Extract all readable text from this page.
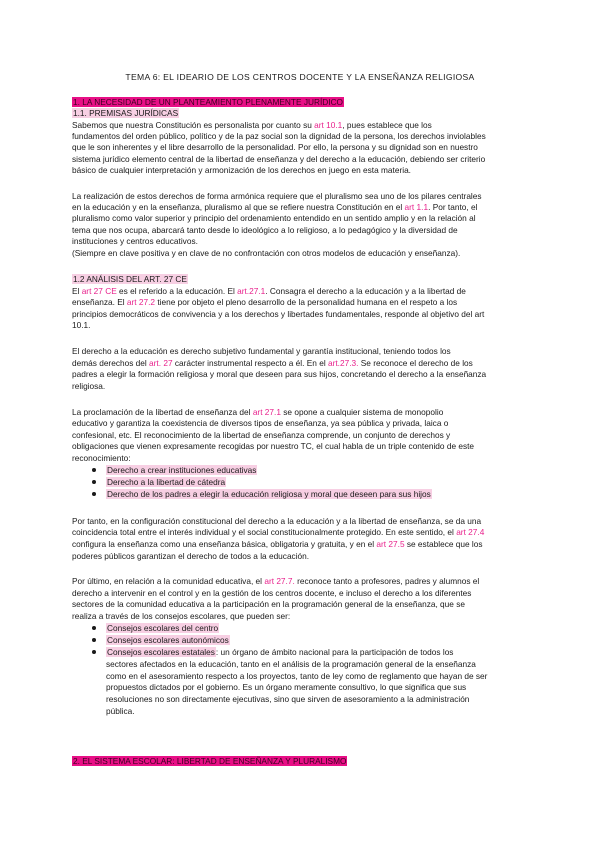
TEMA 6: EL IDEARIO DE LOS CENTROS DOCENTE Y LA ENSEÑANZA RELIGIOSA
1. LA NECESIDAD DE UN PLANTEAMIENTO PLENAMENTE JURÍDICO
1.1. PREMISAS JURÍDICAS
Sabemos que nuestra Constitución es personalista por cuanto su art 10.1, pues establece que los
fundamentos del orden público, político y de la paz social son la dignidad de la persona, los derechos inviolables
que le son inherentes y el libre desarrollo de la personalidad. Por ello, la persona y su dignidad son en nuestro
sistema jurídico elemento central de la libertad de enseñanza y del derecho a la educación, debiendo ser criterio
básico de cualquier interpretación y armonización de los derechos en juego en esta materia.
La realización de estos derechos de forma armónica requiere que el pluralismo sea uno de los pilares centrales
en la educación y en la enseñanza, pluralismo al que se refiere nuestra Constitución en el art 1.1. Por tanto, el
pluralismo como valor superior y principio del ordenamiento entendido en un sentido amplio y en la relación al
tema que nos ocupa, abarcará tanto desde lo ideológico a lo religioso, a lo pedagógico y la diversidad de
instituciones y centros educativos.
(Siempre en clave positiva y en clave de no confrontación con otros modelos de educación y enseñanza).
1.2 ANÁLISIS DEL ART. 27 CE
El art 27 CE es el referido a la educación. El art.27.1. Consagra el derecho a la educación y a la libertad de
enseñanza. El art 27.2 tiene por objeto el pleno desarrollo de la personalidad humana en el respeto a los
principios democráticos de convivencia y a los derechos y libertades fundamentales, responde al objetivo del art
10.1.
El derecho a la educación es derecho subjetivo fundamental y garantía institucional, teniendo todos los
demás derechos del art. 27 carácter instrumental respecto a él. En el art.27.3. Se reconoce el derecho de los
padres a elegir la formación religiosa y moral que deseen para sus hijos, concretando el derecho a la enseñanza
religiosa.
La proclamación de la libertad de enseñanza del art 27.1 se opone a cualquier sistema de monopolio
educativo y garantiza la coexistencia de diversos tipos de enseñanza, ya sea pública y privada, laica o
confesional, etc. El reconocimiento de la libertad de enseñanza comprende, un conjunto de derechos y
obligaciones que vienen expresamente recogidas por nuestro TC, el cual habla de un triple contenido de este
reconocimiento:
Derecho a crear instituciones educativas
Derecho a la libertad de cátedra
Derecho de los padres a elegir la educación religiosa y moral que deseen para sus hijos
Por tanto, en la configuración constitucional del derecho a la educación y a la libertad de enseñanza, se da una
coincidencia total entre el interés individual y el social constitucionalmente protegido. En este sentido, el art 27.4
configura la enseñanza como una enseñanza básica, obligatoria y gratuita, y en el art 27.5 se establece que los
poderes públicos garantizan el derecho de todos a la educación.
Por último, en relación a la comunidad educativa, el art 27.7. reconoce tanto a profesores, padres y alumnos el
derecho a intervenir en el control y en la gestión de los centros docente, e incluso el derecho a los diferentes
sectores de la comunidad educativa a la participación en la programación general de la enseñanza, que se
realiza a través de los consejos escolares, que pueden ser:
Consejos escolares del centro
Consejos escolares autonómicos
Consejos escolares estatales: un órgano de ámbito nacional para la participación de todos los
sectores afectados en la educación, tanto en el análisis de la programación general de la enseñanza
como en el asesoramiento respecto a los proyectos, tanto de ley como de reglamento que hayan de ser
propuestos dictados por el gobierno. Es un órgano meramente consultivo, lo que significa que sus
resoluciones no son directamente ejecutivas, sino que sirven de asesoramiento a la administración
pública.
2. EL SISTEMA ESCOLAR: LIBERTAD DE ENSEÑANZA Y PLURALISMO
